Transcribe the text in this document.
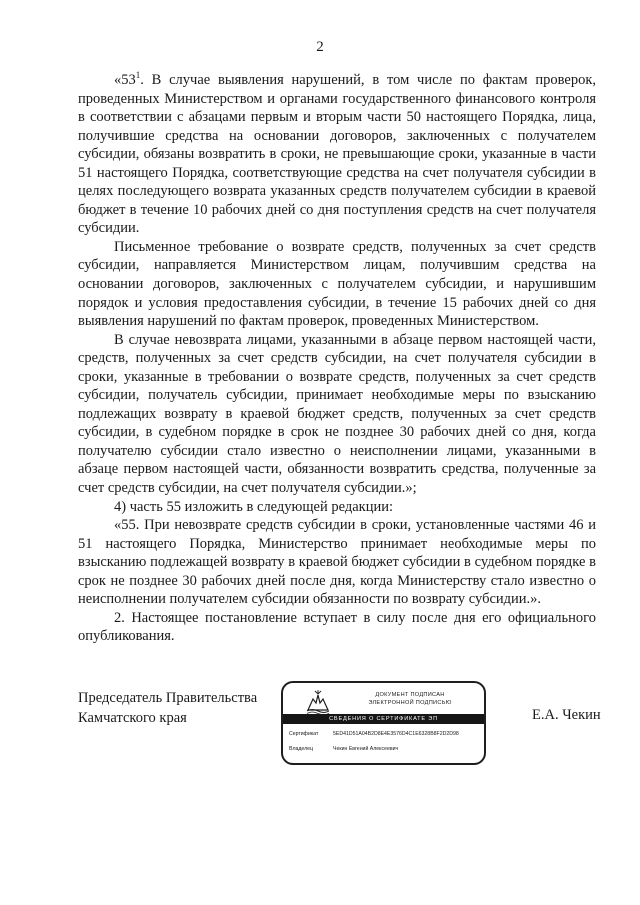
2

«$53^1$. В случае выявления нарушений, в том числе по фактам проверок, проведенных Министерством и органами государственного финансового контроля в соответствии с абзацами первым и вторым части 50 настоящего Порядка, лица, получившие средства на основании договоров, заключенных с получателем субсидии, обязаны возвратить в сроки, не превышающие сроки, указанные в части 51 настоящего Порядка, соответствующие средства на счет получателя субсидии в целях последующего возврата указанных средств получателем субсидии в краевой бюджет в течение 10 рабочих дней со дня поступления средств на счет получателя субсидии.

Письменное требование о возврате средств, полученных за счет средств субсидии, направляется Министерством лицам, получившим средства на основании договоров, заключенных с получателем субсидии, и нарушившим порядок и условия предоставления субсидии, в течение 15 рабочих дней со дня выявления нарушений по фактам проверок, проведенных Министерством.

В случае невозврата лицами, указанными в абзаце первом настоящей части, средств, полученных за счет средств субсидии, на счет получателя субсидии в сроки, указанные в требовании о возврате средств, полученных за счет средств субсидии, получатель субсидии, принимает необходимые меры по взысканию подлежащих возврату в краевой бюджет средств, полученных за счет средств субсидии, в судебном порядке в срок не позднее 30 рабочих дней со дня, когда получателю субсидии стало известно о неисполнении лицами, указанными в абзаце первом настоящей части, обязанности возвратить средства, полученные за счет средств субсидии, на счет получателя субсидии.»;

4) часть 55 изложить в следующей редакции:

«55. При невозврате средств субсидии в сроки, установленные частями 46 и 51 настоящего Порядка, Министерство принимает необходимые меры по взысканию подлежащей возврату в краевой бюджет субсидии в судебном порядке в срок не позднее 30 рабочих дней после дня, когда Министерству стало известно о неисполнении получателем субсидии обязанности по возврату субсидии.».

2. Настоящее постановление вступает в силу после дня его официального опубликования.

Председатель Правительства
Камчатского края
ДОКУМЕНТ ПОДПИСАН
ЭЛЕКТРОННОЙ ПОДПИСЬЮ
СВЕДЕНИЯ О СЕРТИФИКАТЕ ЭП
Сертификат	5ED41D51A04B2D8E4E3576D4C1E6328B8F2D2D98
Владелец	Чекин Евгений Алексеевич
Е.А. Чекин
